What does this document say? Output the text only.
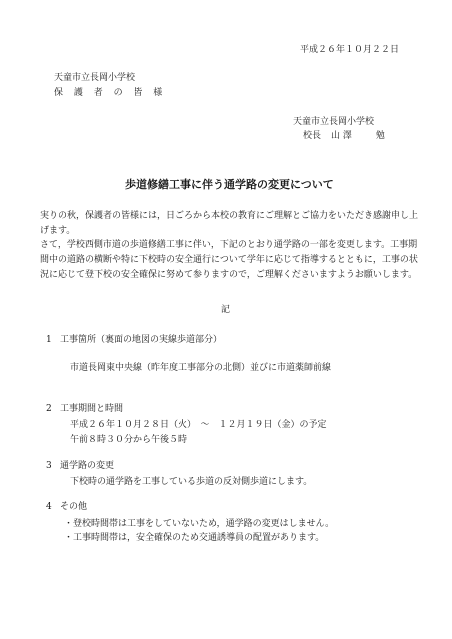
平成２６年１０月２２日
天童市立長岡小学校
保 護 者 の 皆 様
天童市立長岡小学校
校長 山 澤	勉
歩道修繕工事に伴う通学路の変更について
実りの秋，保護者の皆様には，日ごろから本校の教育にご理解とご協力をいただき感謝申し上げます。
さて，学校西側市道の歩道修繕工事に伴い，下記のとおり通学路の一部を変更します。工事期間中の道路の横断や特に下校時の安全通行について学年に応じて指導するとともに，工事の状況に応じて登下校の安全確保に努めて参りますので，ご理解くださいますようお願いします。
記
1 工事箇所（裏面の地図の実線歩道部分）
市道長岡東中央線（昨年度工事部分の北側）並びに市道薬師前線
2 工事期間と時間
平成２６年１０月２８日（火）　～　１２月１９日（金）の予定
午前８時３０分から午後５時
3 通学路の変更
下校時の通学路を工事している歩道の反対側歩道にします。
4 その他
・登校時間帯は工事をしていないため，通学路の変更はしません。
・工事時間帯は，安全確保のため交通誘導員の配置があります。
